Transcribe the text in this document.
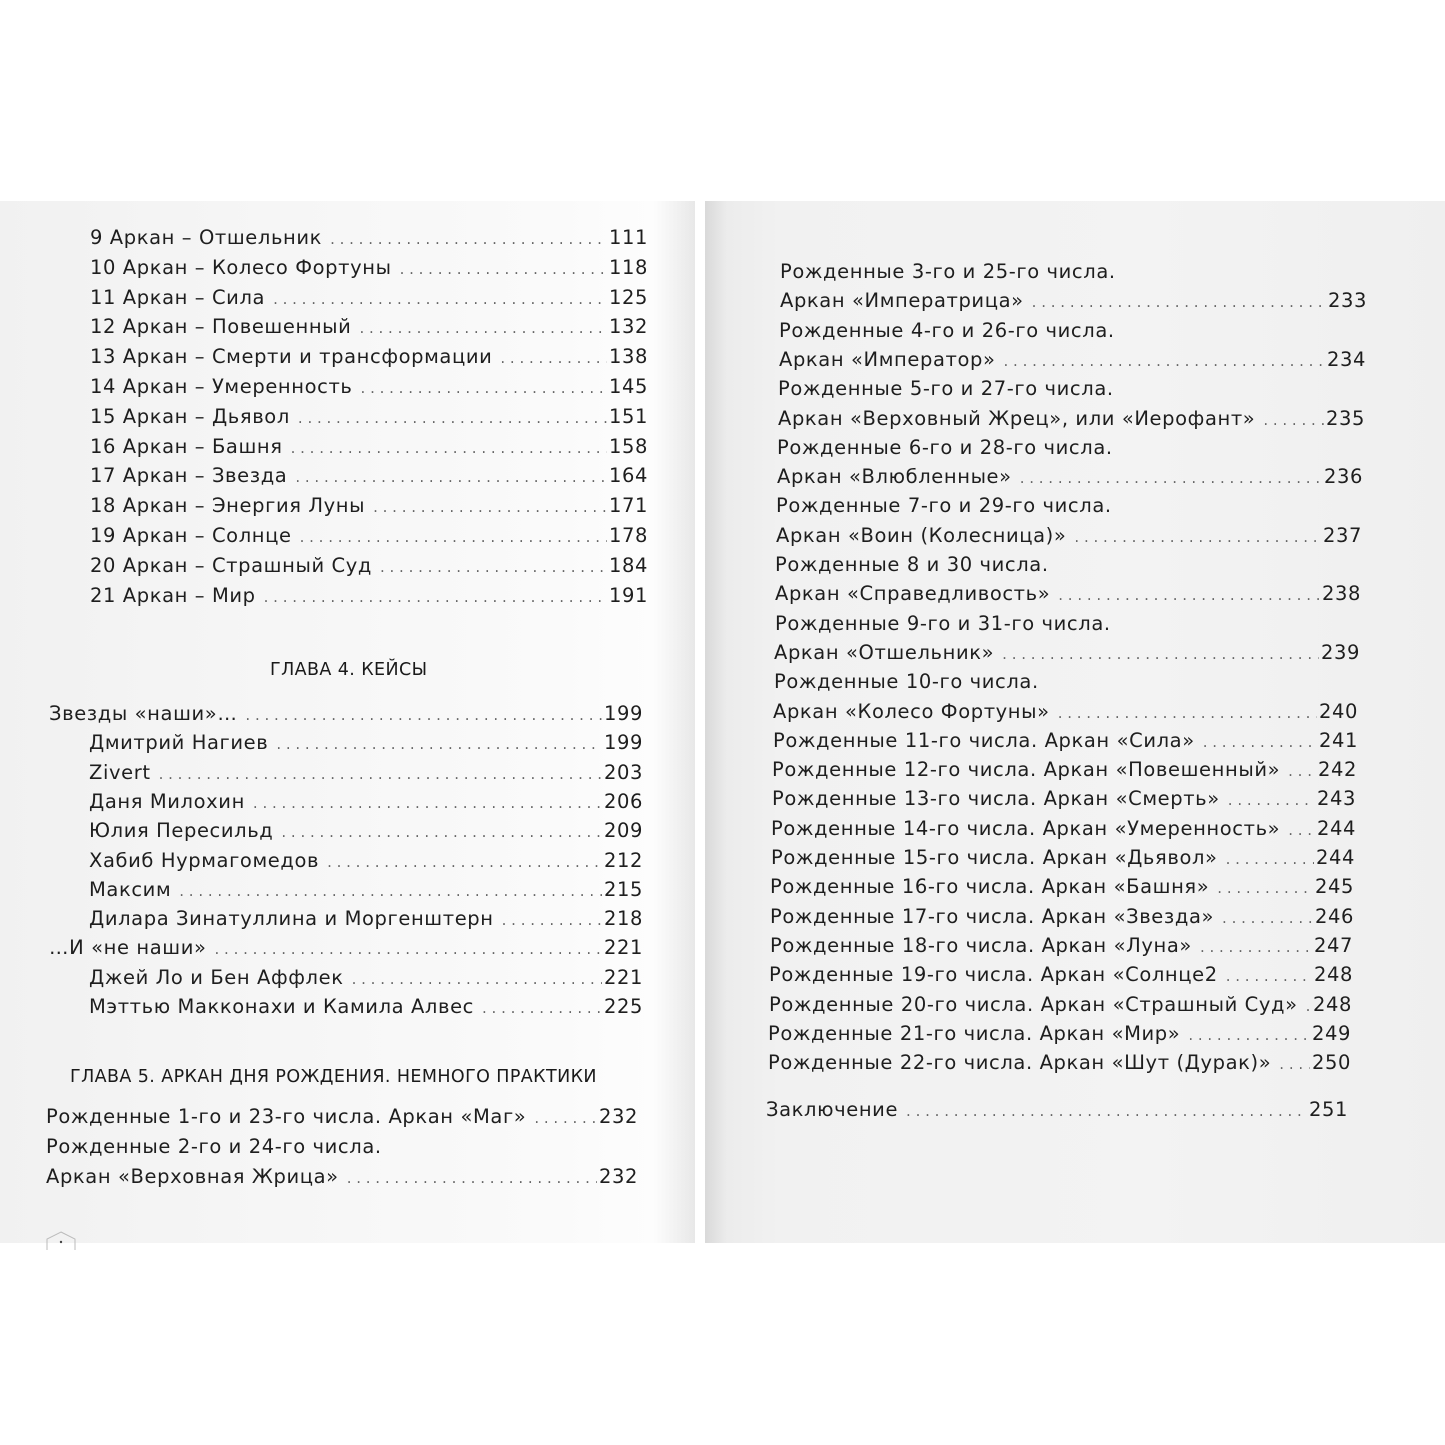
9 Аркан – Отшельник . . .	111
10 Аркан – Колесо Фортуны . . .	118
11 Аркан – Сила . . .	125
12 Аркан – Повешенный . . .	132
13 Аркан – Смерти и трансформации . . .	138
14 Аркан – Умеренность . . .	145
15 Аркан – Дьявол . . .	151
16 Аркан – Башня . . .	158
17 Аркан – Звезда . . .	164
18 Аркан – Энергия Луны . . .	171
19 Аркан – Солнце . . .	178
20 Аркан – Страшный Суд . . .	184
21 Аркан – Мир . . .	191
ГЛАВА 4. КЕЙСЫ
Звезды «наши»… . . .	199
Дмитрий Нагиев . . .	199
Zivert . . .	203
Даня Милохин . . .	206
Юлия Пересильд . . .	209
Хабиб Нурмагомедов . . .	212
Максим . . .	215
Дилара Зинатуллина и Моргенштерн . . .	218
…И «не наши» . . .	221
Джей Ло и Бен Аффлек . . .	221
Мэттью Макконахи и Камила Алвес . . .	225
ГЛАВА 5. АРКАН ДНЯ РОЖДЕНИЯ. НЕМНОГО ПРАКТИКИ
Рожденные 1-го и 23-го числа. Аркан «Маг» . . .	232
Рожденные 2-го и 24-го числа.
Аркан «Верховная Жрица» . . .	232
Рожденные 3-го и 25-го числа.
Аркан «Императрица» . . .	233
Рожденные 4-го и 26-го числа.
Аркан «Император» . . .	234
Рожденные 5-го и 27-го числа.
Аркан «Верховный Жрец», или «Иерофант» . . .	235
Рожденные 6-го и 28-го числа.
Аркан «Влюбленные» . . .	236
Рожденные 7-го и 29-го числа.
Аркан «Воин (Колесница)» . . .	237
Рожденные 8 и 30 числа.
Аркан «Справедливость» . . .	238
Рожденные 9-го и 31-го числа.
Аркан «Отшельник» . . .	239
Рожденные 10-го числа.
Аркан «Колесо Фортуны» . . .	240
Рожденные 11-го числа. Аркан «Сила» . . .	241
Рожденные 12-го числа. Аркан «Повешенный» . . . 242
Рожденные 13-го числа. Аркан «Смерть» . . .	243
Рожденные 14-го числа. Аркан «Умеренность» . . . 244
Рожденные 15-го числа. Аркан «Дьявол» . . .	244
Рожденные 16-го числа. Аркан «Башня» . . .	245
Рожденные 17-го числа. Аркан «Звезда» . . .	246
Рожденные 18-го числа. Аркан «Луна» . . .	247
Рожденные 19-го числа. Аркан «Солнце2 . . .	248
Рожденные 20-го числа. Аркан «Страшный Суд» . . . 248
Рожденные 21-го числа. Аркан «Мир» . . .	249
Рожденные 22-го числа. Аркан «Шут (Дурак)» . . . 250
Заключение . . .	251
